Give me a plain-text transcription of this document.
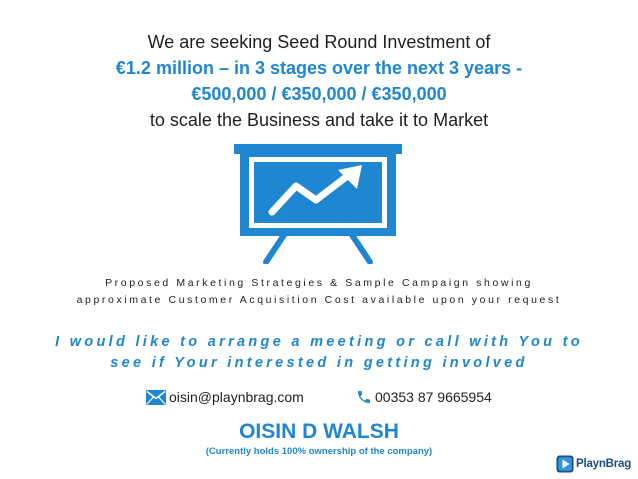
We are seeking Seed Round Investment of
€1.2 million – in 3 stages over the next 3 years -
€500,000 / €350,000 / €350,000
to scale the Business and take it to Market
Proposed Marketing Strategies & Sample Campaign showing approximate Customer Acquisition Cost available upon your request
I would like to arrange a meeting or call with You to see if Your interested in getting involved
oisin@playnbrag.com	00353 87 9665954
OISIN D WALSH
(Currently holds 100% ownership of the company)
PlaynBrag
